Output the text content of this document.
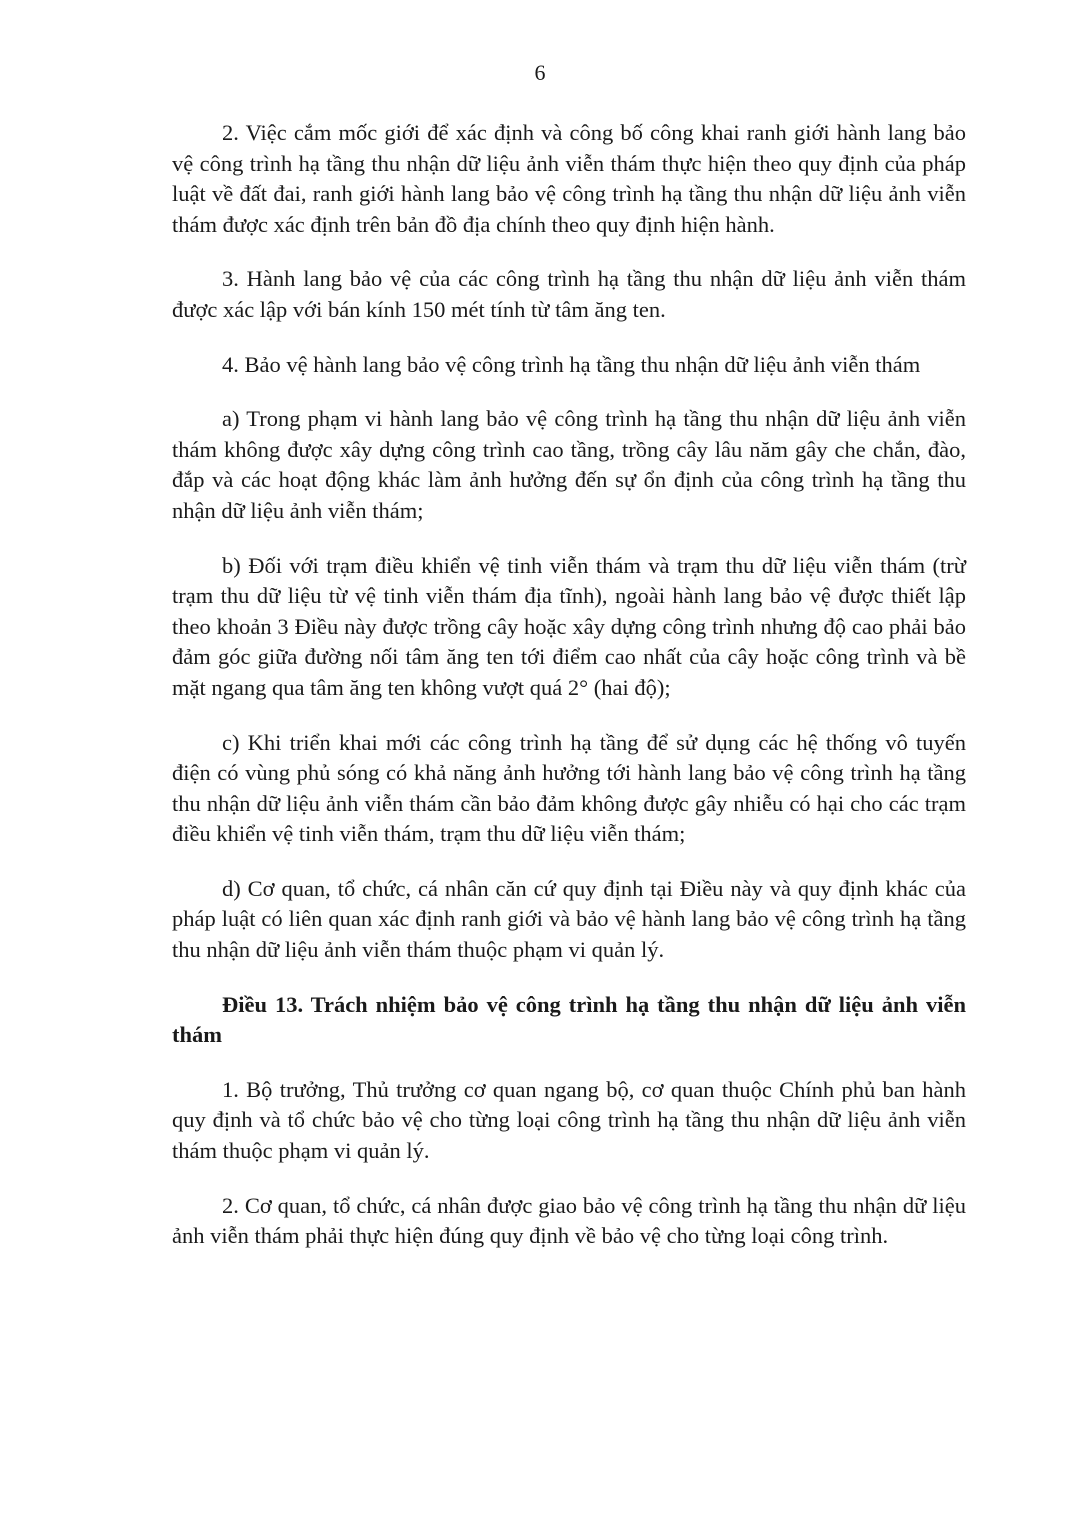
6

2. Việc cắm mốc giới để xác định và công bố công khai ranh giới hành lang bảo vệ công trình hạ tầng thu nhận dữ liệu ảnh viễn thám thực hiện theo quy định của pháp luật về đất đai, ranh giới hành lang bảo vệ công trình hạ tầng thu nhận dữ liệu ảnh viễn thám được xác định trên bản đồ địa chính theo quy định hiện hành.

3. Hành lang bảo vệ của các công trình hạ tầng thu nhận dữ liệu ảnh viễn thám được xác lập với bán kính 150 mét tính từ tâm ăng ten.

4. Bảo vệ hành lang bảo vệ công trình hạ tầng thu nhận dữ liệu ảnh viễn thám

a) Trong phạm vi hành lang bảo vệ công trình hạ tầng thu nhận dữ liệu ảnh viễn thám không được xây dựng công trình cao tầng, trồng cây lâu năm gây che chắn, đào, đắp và các hoạt động khác làm ảnh hưởng đến sự ổn định của công trình hạ tầng thu nhận dữ liệu ảnh viễn thám;

b) Đối với trạm điều khiển vệ tinh viễn thám và trạm thu dữ liệu viễn thám (trừ trạm thu dữ liệu từ vệ tinh viễn thám địa tĩnh), ngoài hành lang bảo vệ được thiết lập theo khoản 3 Điều này được trồng cây hoặc xây dựng công trình nhưng độ cao phải bảo đảm góc giữa đường nối tâm ăng ten tới điểm cao nhất của cây hoặc công trình và bề mặt ngang qua tâm ăng ten không vượt quá 2° (hai độ);

c) Khi triển khai mới các công trình hạ tầng để sử dụng các hệ thống vô tuyến điện có vùng phủ sóng có khả năng ảnh hưởng tới hành lang bảo vệ công trình hạ tầng thu nhận dữ liệu ảnh viễn thám cần bảo đảm không được gây nhiễu có hại cho các trạm điều khiển vệ tinh viễn thám, trạm thu dữ liệu viễn thám;

d) Cơ quan, tổ chức, cá nhân căn cứ quy định tại Điều này và quy định khác của pháp luật có liên quan xác định ranh giới và bảo vệ hành lang bảo vệ công trình hạ tầng thu nhận dữ liệu ảnh viễn thám thuộc phạm vi quản lý.

Điều 13. Trách nhiệm bảo vệ công trình hạ tầng thu nhận dữ liệu ảnh viễn thám

1. Bộ trưởng, Thủ trưởng cơ quan ngang bộ, cơ quan thuộc Chính phủ ban hành quy định và tổ chức bảo vệ cho từng loại công trình hạ tầng thu nhận dữ liệu ảnh viễn thám thuộc phạm vi quản lý.

2. Cơ quan, tổ chức, cá nhân được giao bảo vệ công trình hạ tầng thu nhận dữ liệu ảnh viễn thám phải thực hiện đúng quy định về bảo vệ cho từng loại công trình.
